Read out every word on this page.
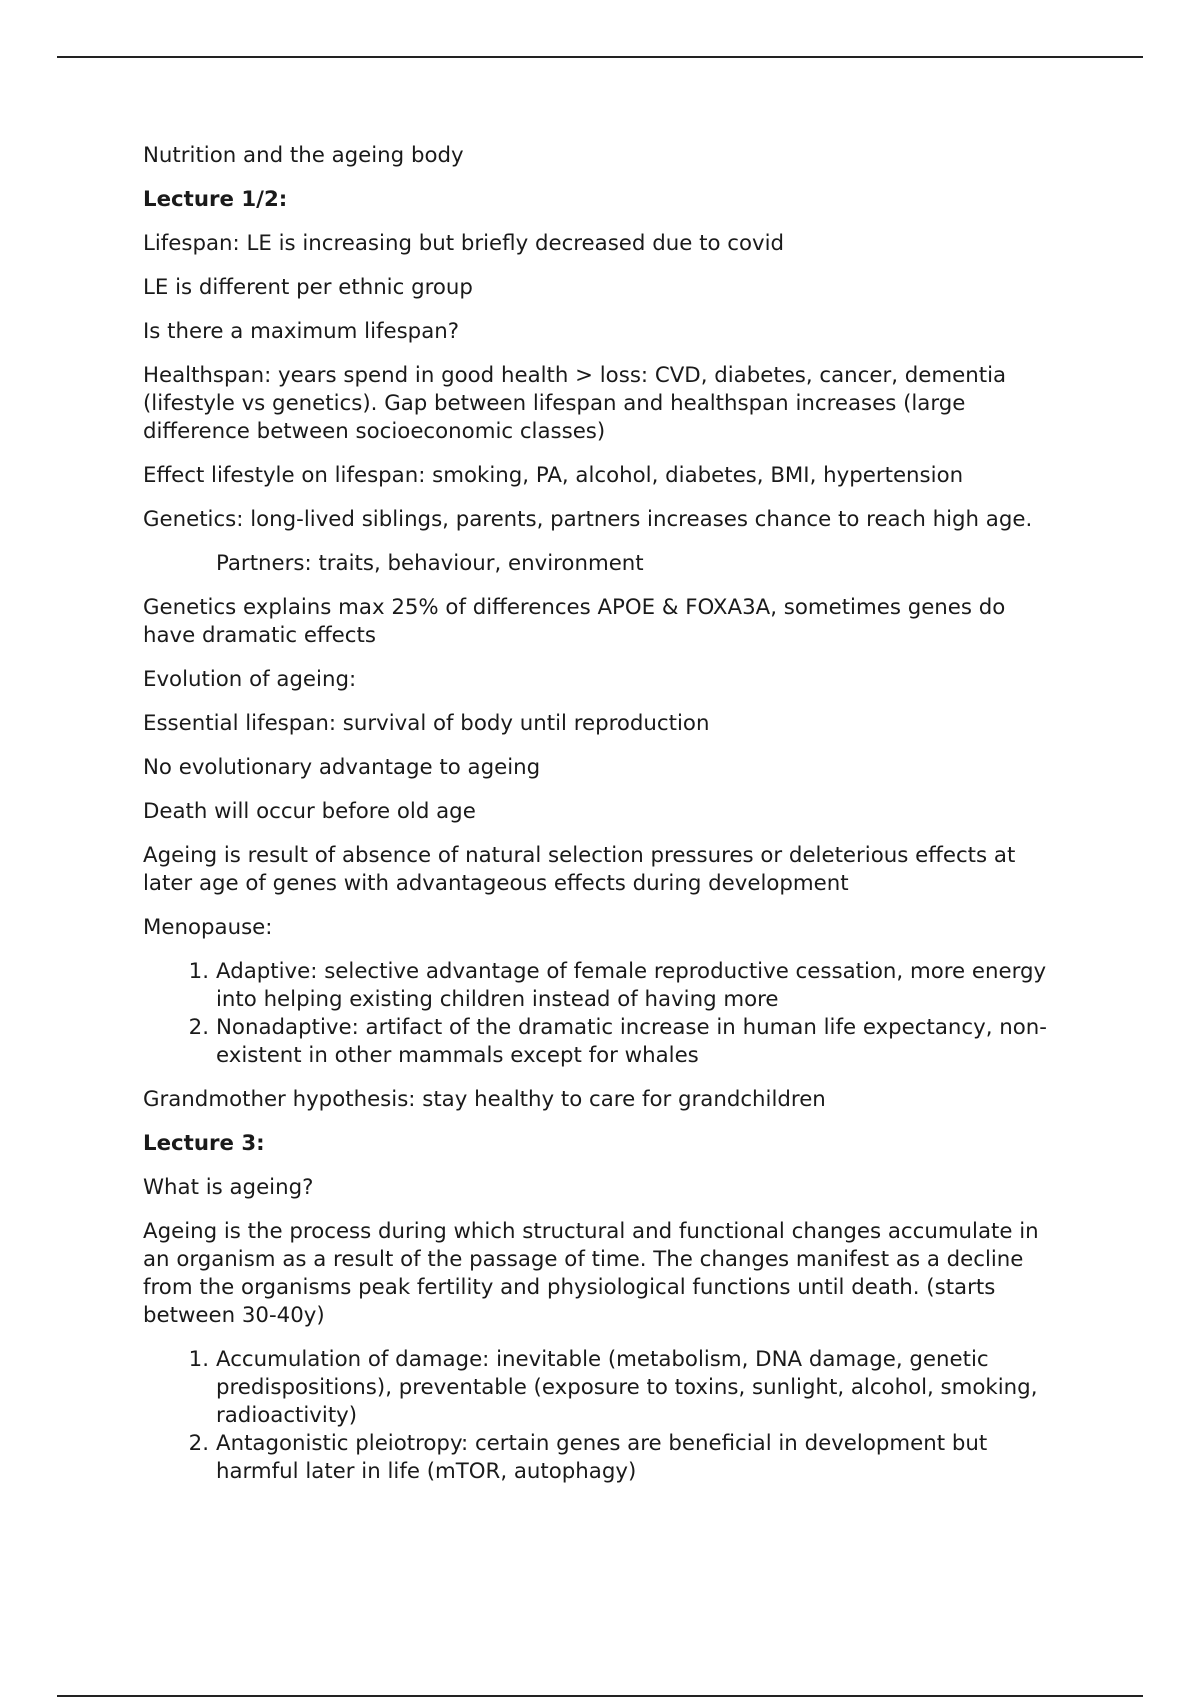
Nutrition and the ageing body

Lecture 1/2:

Lifespan: LE is increasing but briefly decreased due to covid

LE is different per ethnic group

Is there a maximum lifespan?

Healthspan: years spend in good health > loss: CVD, diabetes, cancer, dementia (lifestyle vs genetics). Gap between lifespan and healthspan increases (large difference between socioeconomic classes)

Effect lifestyle on lifespan: smoking, PA, alcohol, diabetes, BMI, hypertension

Genetics: long-lived siblings, parents, partners increases chance to reach high age.

Partners: traits, behaviour, environment

Genetics explains max 25% of differences APOE & FOXA3A, sometimes genes do have dramatic effects

Evolution of ageing:

Essential lifespan: survival of body until reproduction

No evolutionary advantage to ageing

Death will occur before old age

Ageing is result of absence of natural selection pressures or deleterious effects at later age of genes with advantageous effects during development

Menopause:

1. Adaptive: selective advantage of female reproductive cessation, more energy into helping existing children instead of having more
2. Nonadaptive: artifact of the dramatic increase in human life expectancy, non-existent in other mammals except for whales

Grandmother hypothesis: stay healthy to care for grandchildren

Lecture 3:

What is ageing?

Ageing is the process during which structural and functional changes accumulate in an organism as a result of the passage of time. The changes manifest as a decline from the organisms peak fertility and physiological functions until death. (starts between 30-40y)

1. Accumulation of damage: inevitable (metabolism, DNA damage, genetic predispositions), preventable (exposure to toxins, sunlight, alcohol, smoking, radioactivity)
2. Antagonistic pleiotropy: certain genes are beneficial in development but harmful later in life (mTOR, autophagy)
